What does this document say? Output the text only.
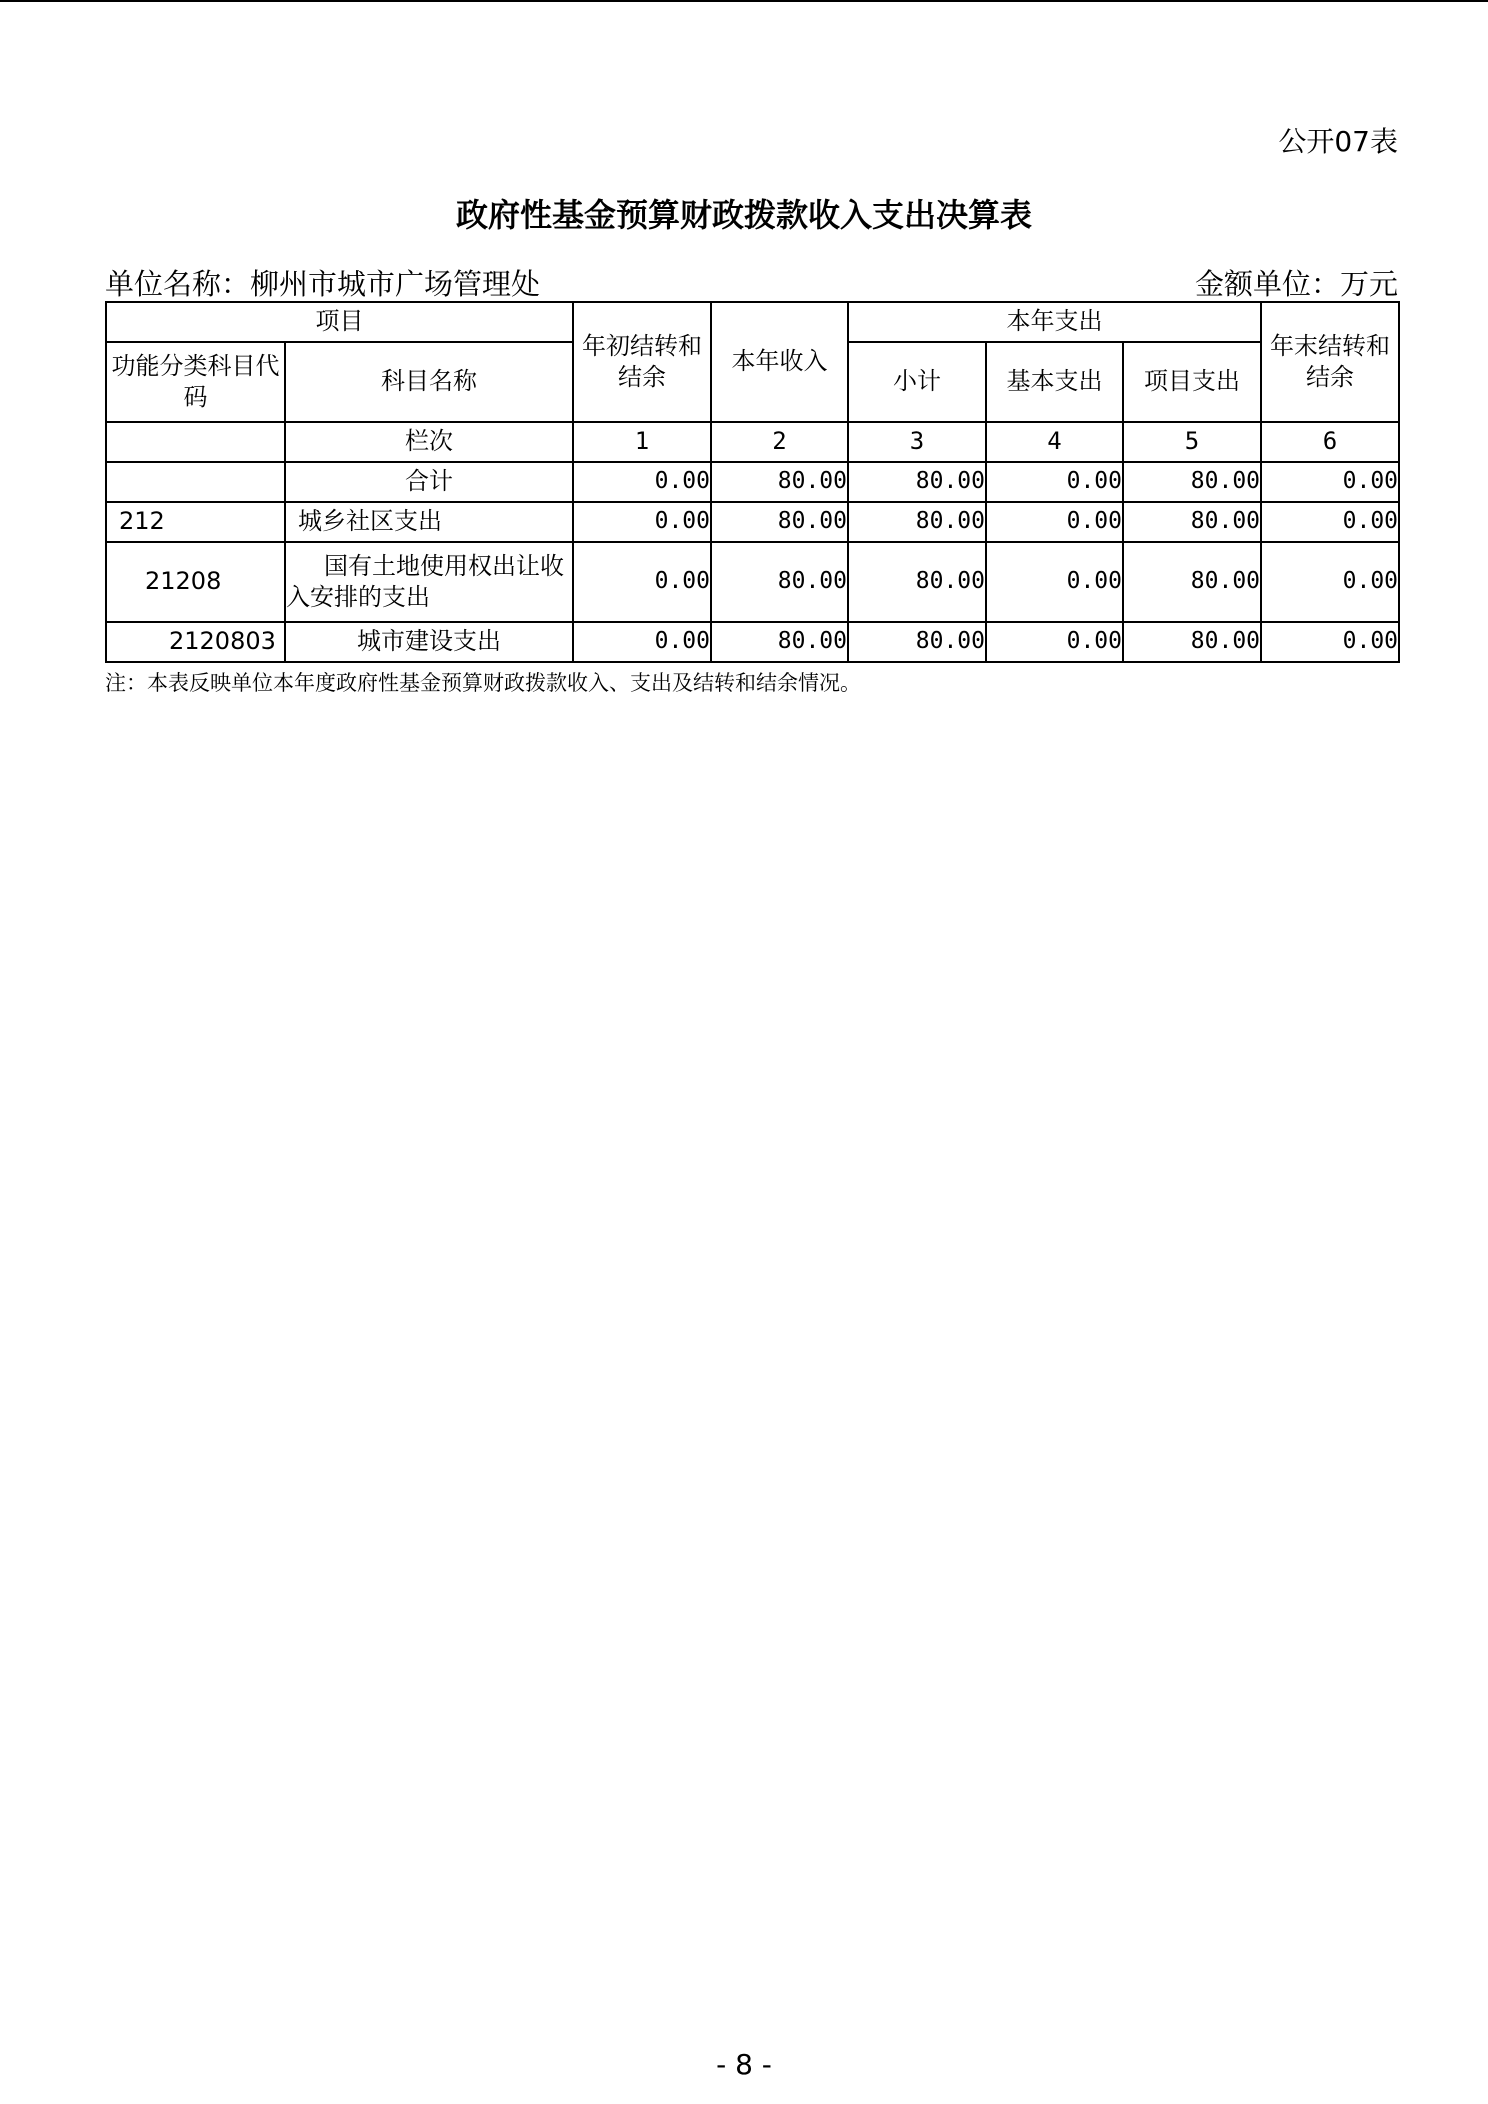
公开07表
政府性基金预算财政拨款收入支出决算表
单位名称：柳州市城市广场管理处	金额单位：万元
项目		年初结转和结余	本年收入	本年支出			年末结转和结余
功能分类科目代码	科目名称			小计	基本支出	项目支出	
	栏次	1	2	3	4	5	6
	合计	0.00	80.00	80.00	0.00	80.00	0.00
212	城乡社区支出	0.00	80.00	80.00	0.00	80.00	0.00
21208	国有土地使用权出让收入安排的支出	0.00	80.00	80.00	0.00	80.00	0.00
2120803	城市建设支出	0.00	80.00	80.00	0.00	80.00	0.00
注：本表反映单位本年度政府性基金预算财政拨款收入、支出及结转和结余情况。
- 8 -
